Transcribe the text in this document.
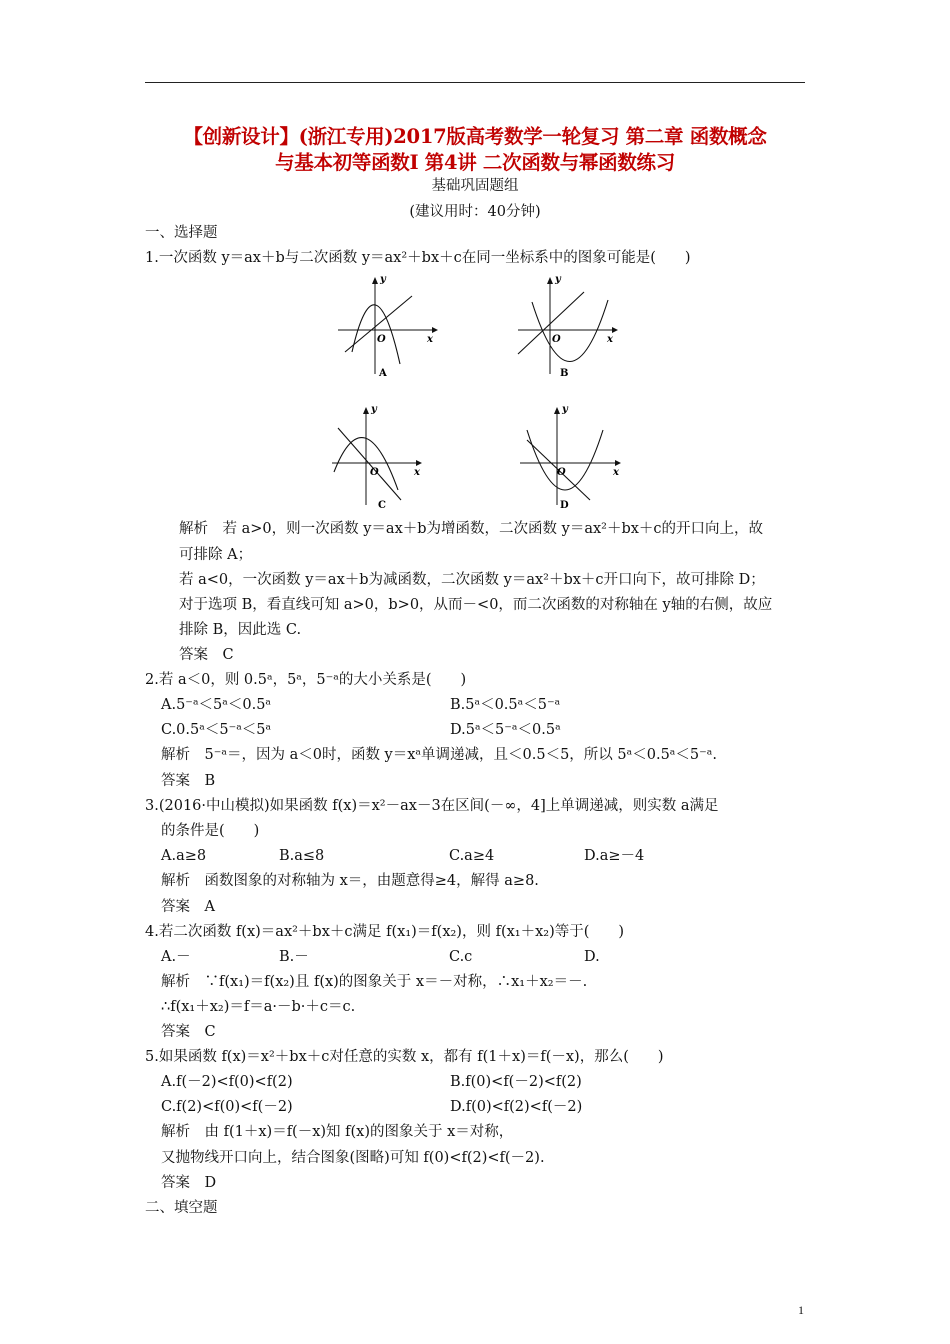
【创新设计】(浙江专用)2017版高考数学一轮复习 第二章 函数概念
与基本初等函数Ⅰ 第4讲 二次函数与幂函数练习
基础巩固题组
(建议用时：40分钟)
一、选择题
1.一次函数 y＝ax＋b与二次函数 y＝ax²＋bx＋c在同一坐标系中的图象可能是(　　)
y
x
O
A
y
x
O
B
y
x
O
C
y
x
O
D
解析　若 a>0，则一次函数 y＝ax＋b为增函数，二次函数 y＝ax²＋bx＋c的开口向上，故
可排除 A；
若 a<0，一次函数 y＝ax＋b为减函数，二次函数 y＝ax²＋bx＋c开口向下，故可排除 D；
对于选项 B，看直线可知 a>0，b>0，从而－<0，而二次函数的对称轴在 y轴的右侧，故应
排除 B，因此选 C.
答案　C
2.若 a＜0，则 0.5ᵃ，5ᵃ，5⁻ᵃ的大小关系是(　　)
A.5⁻ᵃ＜5ᵃ＜0.5ᵃ	B.5ᵃ＜0.5ᵃ＜5⁻ᵃ
C.0.5ᵃ＜5⁻ᵃ＜5ᵃ	D.5ᵃ＜5⁻ᵃ＜0.5ᵃ
解析　5⁻ᵃ＝，因为 a＜0时，函数 y＝xᵃ单调递减，且＜0.5＜5，所以 5ᵃ＜0.5ᵃ＜5⁻ᵃ.
答案　B
3.(2016·中山模拟)如果函数 f(x)＝x²－ax－3在区间(－∞，4]上单调递减，则实数 a满足
的条件是(　　)
A.a≥8	B.a≤8	C.a≥4	D.a≥－4
解析　函数图象的对称轴为 x＝，由题意得≥4，解得 a≥8.
答案　A
4.若二次函数 f(x)＝ax²＋bx＋c满足 f(x₁)＝f(x₂)，则 f(x₁＋x₂)等于(　　)
A.－	B.－	C.c	D.
解析　∵f(x₁)＝f(x₂)且 f(x)的图象关于 x＝－对称，∴x₁＋x₂＝－.
∴f(x₁＋x₂)＝f＝a·－b·＋c＝c.
答案　C
5.如果函数 f(x)＝x²＋bx＋c对任意的实数 x，都有 f(1＋x)＝f(－x)，那么(　　)
A.f(－2)<f(0)<f(2)	B.f(0)<f(－2)<f(2)
C.f(2)<f(0)<f(－2)	D.f(0)<f(2)<f(－2)
解析　由 f(1＋x)＝f(－x)知 f(x)的图象关于 x＝对称，
又抛物线开口向上，结合图象(图略)可知 f(0)<f(2)<f(－2).
答案　D
二、填空题
1
